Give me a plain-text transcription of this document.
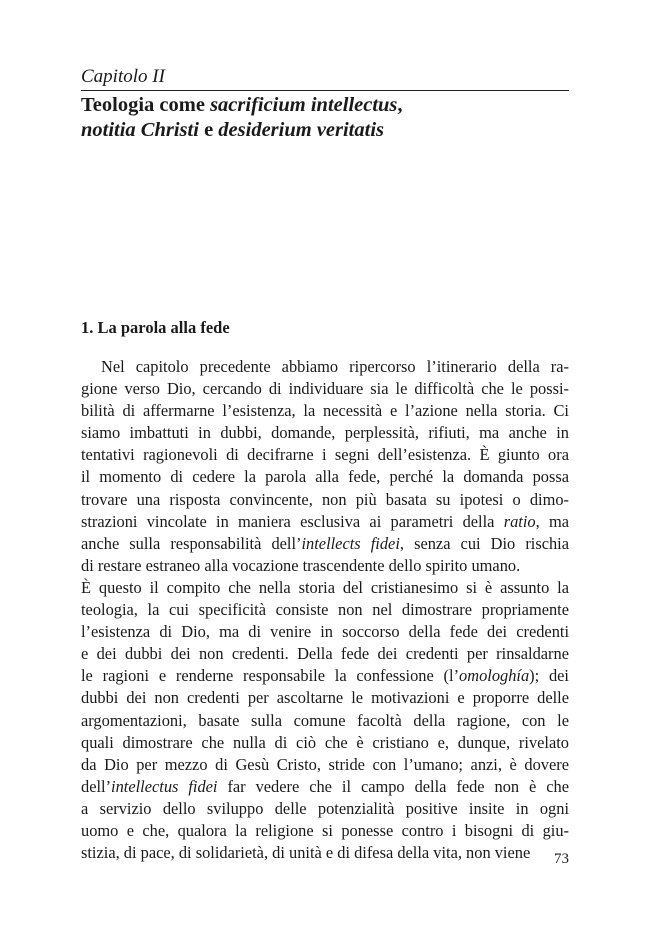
Capitolo II
Teologia come sacrificium intellectus,
notitia Christi e desiderium veritatis
1. La parola alla fede
Nel capitolo precedente abbiamo ripercorso l’itinerario della ra-
gione verso Dio, cercando di individuare sia le difficoltà che le possi-
bilità di affermarne l’esistenza, la necessità e l’azione nella storia. Ci
siamo imbattuti in dubbi, domande, perplessità, rifiuti, ma anche in
tentativi ragionevoli di decifrarne i segni dell’esistenza. È giunto ora
il momento di cedere la parola alla fede, perché la domanda possa
trovare una risposta convincente, non più basata su ipotesi o dimo-
strazioni vincolate in maniera esclusiva ai parametri della ratio, ma
anche sulla responsabilità dell’intellects fidei, senza cui Dio rischia
di restare estraneo alla vocazione trascendente dello spirito umano.
È questo il compito che nella storia del cristianesimo si è assunto la
teologia, la cui specificità consiste non nel dimostrare propriamente
l’esistenza di Dio, ma di venire in soccorso della fede dei credenti
e dei dubbi dei non credenti. Della fede dei credenti per rinsaldarne
le ragioni e renderne responsabile la confessione (l’omologhía); dei
dubbi dei non credenti per ascoltarne le motivazioni e proporre delle
argomentazioni, basate sulla comune facoltà della ragione, con le
quali dimostrare che nulla di ciò che è cristiano e, dunque, rivelato
da Dio per mezzo di Gesù Cristo, stride con l’umano; anzi, è dovere
dell’intellectus fidei far vedere che il campo della fede non è che
a servizio dello sviluppo delle potenzialità positive insite in ogni
uomo e che, qualora la religione si ponesse contro i bisogni di giu-
stizia, di pace, di solidarietà, di unità e di difesa della vita, non viene	73
